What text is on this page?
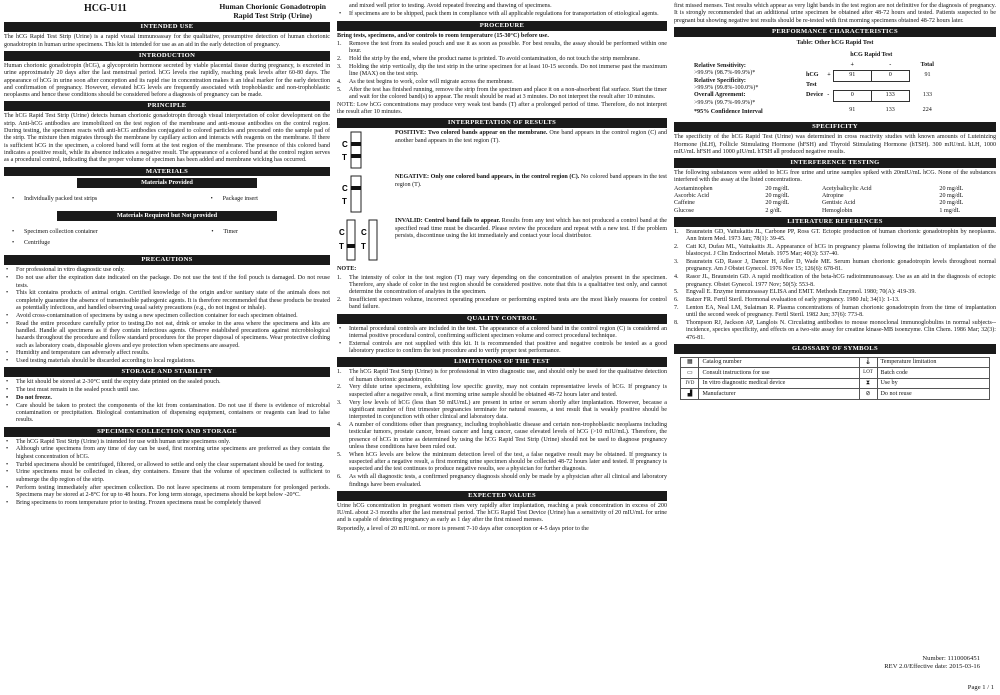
HCG-U11	Human Chorionic Gonadotropin
Rapid Test Strip (Urine)
INTENDED USE

The hCG Rapid Test Strip (Urine) is a rapid visual immunoassay for the qualitative, presumptive detection of human chorionic gonadotropin in human urine specimens. This kit is intended for use as an aid in the early detection of pregnancy.

INTRODUCTION

Human chorionic gonadotropin (hCG), a glycoprotein hormone secreted by viable placental tissue during pregnancy, is excreted in urine approximately 20 days after the last menstrual period. hCG levels rise rapidly, reaching peak levels after 60-80 days. The appearance of hCG in urine soon after conception and its rapid rise in concentration makes it an ideal marker for the early detection and confirmation of pregnancy. However, elevated hCG levels are frequently associated with trophoblastic and non-trophoblastic neoplasms and hence these conditions should be considered before a diagnosis of pregnancy can be made.

PRINCIPLE

The hCG Rapid Test Strip (Urine) detects human chorionic gonadotropin through visual interpretation of color development on the strip. Anti-hCG antibodies are immobilized on the test region of the membrane and anti-mouse antibodies on the control region. During testing, the specimen reacts with anti-hCG antibodies conjugated to colored particles and precoated onto the sample pad of the strip. The mixture then migrates through the membrane by capillary action and interacts with reagents on the membrane. If there is sufficient hCG in the specimen, a colored band will form at the test region of the membrane. The presence of this colored band indicates a positive result, while its absence indicates a negative result. The appearance of a colored band at the control region serves as a procedural control, indicating that the proper volume of specimen has been added and membrane wicking has occurred.

MATERIALS
Materials Provided
• Individually packed test strips	• Package insert
Materials Required but Not provided
• Specimen collection container	• Timer
• Centrifuge
PRECAUTIONS
• For professional in vitro diagnostic use only.
• Do not use after the expiration date indicated on the package. Do not use the test if the foil pouch is damaged. Do not reuse tests.
• This kit contains products of animal origin. Certified knowledge of the origin and/or sanitary state of the animals does not completely guarantee the absence of transmissible pathogenic agents. It is therefore recommended that these products be treated as potentially infectious, and handled observing usual safety precautions (e.g., do not ingest or inhale).
• Avoid cross-contamination of specimens by using a new specimen collection container for each specimen obtained.
• Read the entire procedure carefully prior to testing.Do not eat, drink or smoke in the area where the specimens and kits are handled. Handle all specimens as if they contain infectious agents. Observe established precautions against microbiological hazards throughout the procedure and follow standard procedures for the proper disposal of specimens. Wear protective clothing such as laboratory coats, disposable gloves and eye protection when specimens are assayed.
• Humidity and temperature can adversely affect results.
• Used testing materials should be discarded according to local regulations.
STORAGE AND STABILITY
• The kit should be stored at 2-30°C until the expiry date printed on the sealed pouch.
• The test must remain in the sealed pouch until use.
• Do not freeze.
• Care should be taken to protect the components of the kit from contamination. Do not use if there is evidence of microbial contamination or precipitation. Biological contamination of dispensing equipment, containers or reagents can lead to false results.
SPECIMEN COLLECTION AND STORAGE
• The hCG Rapid Test Strip (Urine) is intended for use with human urine specimens only.
• Although urine specimens from any time of day can be used, first morning urine specimens are preferred as they contain the highest concentration of hCG.
• Turbid specimens should be centrifuged, filtered, or allowed to settle and only the clear supernatant should be used for testing.
• Urine specimens must be collected in clean, dry containers. Ensure that the volume of specimen collected is sufficient to submerge the dip region of the strip.
• Perform testing immediately after specimen collection. Do not leave specimens at room temperature for prolonged periods. Specimens may be stored at 2-8°C for up to 48 hours. For long term storage, specimens should be kept below -20°C.
• Bring specimens to room temperature prior to testing. Frozen specimens must be completely thawed

and mixed well prior to testing. Avoid repeated freezing and thawing of specimens.

• If specimens are to be shipped, pack them in compliance with all applicable regulations for transportation of etiological agents.
PROCEDURE

Bring tests, specimens, and/or controls to room temperature (15-30°C) before use.

1. Remove the test from its sealed pouch and use it as soon as possible. For best results, the assay should be performed within one hour.
2. Hold the strip by the end, where the product name is printed. To avoid contamination, do not touch the strip membrane.
3. Holding the strip vertically, dip the test strip in the urine specimen for at least 10-15 seconds. Do not immerse past the maximum line (MAX) on the test strip.
4. As the test begins to work, color will migrate across the membrane.
5. After the test has finished running, remove the strip from the specimen and place it on a non-absorbent flat surface. Start the timer and wait for the colored band(s) to appear. The result should be read at 3 minutes. Do not interpret the result after 10 minutes.

NOTE: Low hCG concentrations may produce very weak test bands (T) after a prolonged period of time. Therefore, do not interpret the result after 10 minutes.

INTERPRETATION OF RESULTS
C
T

POSITIVE: Two colored bands appear on the membrane. One band appears in the control region (C) and another band appears in the test region (T).

C
T

NEGATIVE: Only one colored band appears, in the control region (C). No colored band appears in the test region (T).

C
T
C
T

INVALID: Control band fails to appear. Results from any test which has not produced a control band at the specified read time must be discarded. Please review the procedure and repeat with a new test. If the problem persists, discontinue using the kit immediately and contact your local distributor.

NOTE:

1. The intensity of color in the test region (T) may vary depending on the concentration of analytes present in the specimen. Therefore, any shade of color in the test region should be considered positive. note that this is a qualitative test only, and cannot determine the concentration of analytes in the specimen.
2. Insufficient specimen volume, incorrect operating procedure or performing expired tests are the most likely reasons for control band failure.
QUALITY CONTROL
• Internal procedural controls are included in the test. The appearance of a colored band in the control region (C) is considered an internal positive procedural control, confirming sufficient specimen volume and correct procedural technique.
• External controls are not supplied with this kit. It is recommended that positive and negative controls be tested as a good laboratory practice to confirm the test procedure and to verify proper test performance.
LIMITATIONS OF THE TEST
1. The hCG Rapid Test Strip (Urine) is for professional in vitro diagnostic use, and should only be used for the qualitative detection of human chorionic gonadotropin.
2. Very dilute urine specimens, exhibiting low specific gravity, may not contain representative levels of hCG. If pregnancy is suspected after a negative result, a first morning urine sample should be obtained 48-72 hours later and tested.
3. Very low levels of hCG (less than 50 mIU/mL) are present in urine or serum shortly after implantation. However, because a significant number of first trimester pregnancies terminate for natural reasons, a test result that is weakly positive should be interpreted in conjunction with other clinical and laboratory data.
4. A number of conditions other than pregnancy, including trophoblastic disease and certain non-trophoblastic neoplasms including testicular tumors, prostate cancer, breast cancer and lung cancer, cause elevated levels of hCG (>10 mIU/mL). Therefore, the presence of hCG in urine as determined by using the hCG Rapid Test Strip (Urine) should not be used to diagnose pregnancy unless these conditions have been ruled out.
5. When hCG levels are below the minimum detection level of the test, a false negative result may be obtained. If pregnancy is suspected after a negative result, a first morning urine specimen should be collected 48-72 hours later and tested. If pregnancy is suspected and the test continues to produce negative results, see a physician for further diagnosis.
6. As with all diagnostic tests, a confirmed pregnancy diagnosis should only be made by a physician after all clinical and laboratory findings have been evaluated.
EXPECTED VALUES

Urine hCG concentration in pregnant women rises very rapidly after implantation, reaching a peak concentration in excess of 200 IU/mL about 2-3 months after the last menstrual period. The hCG Rapid Test Device (Urine) has a sensitivity of 20 mIU/mL for urine and is capable of detecting pregnancy as early as 1 day after the first missed menses.

Reportedly, a level of 20 mIU/mL or more is present 7-10 days after conception or 4-5 days prior to the

first missed menses. Test results which appear as very light bands in the test region are not definitive for the diagnosis of pregnancy. It is strongly recommended that an additional urine specimen be obtained after 48-72 hours and tested. Patients suspected to be pregnant but showing negative test results should be re-tested with first morning specimens obtained 48-72 hours later.

PERFORMANCE CHARACTERISTICS

Table: Other hCG Rapid Test

Relative Sensitivity:
>99.9% (98.7%-99.9%)*
Relative Specificity:
>99.9% (99.8%-100.0%)*
Overall Agreement:
>99.9% (99.7%-99.9%)*
*95% Confidence Interval
		hCG Rapid Test		
		+	-	Total
hCG	+	91	0	91
Test				
Device	-	0	133	133
		91	133	224
SPECIFICITY

The specificity of the hCG Rapid Test (Urine) was determined in cross reactivity studies with known amounts of Luteinizing Hormone (hLH), Follicle Stimulating Hormone (hFSH) and Thyroid Stimulating Hormone (hTSH). 300 mIU/mL hLH, 1000 mIU/mL hFSH and 1000 μIU/mL hTSH all produced negative results.

INTERFERENCE TESTING

The following substances were added to hCG free urine and urine samples spiked with 20mIU/mL hCG. None of the substances interfered with the assay at the listed concentrations.

Acetaminophen	20 mg/dL	Acetylsalicylic Acid	20 mg/dL
Ascorbic Acid	20 mg/dL	Atropine	20 mg/dL
Caffeine	20 mg/dL	Gentisic Acid	20 mg/dL
Glucose	2 g/dL	Hemoglobin	1 mg/dL
LITERATURE REFERENCES
1. Braunstein GD, Vaitukaitis JL, Carbone PP, Ross GT. Ectopic production of human chorionic gonadotrophin by neoplasms. Ann Intern Med. 1973 Jan; 78(1): 39-45.
2. Catt KJ, Dufau ML, Vaitukaitis JL. Appearance of hCG in pregnancy plasma following the initiation of implantation of the blastocyst. J Clin Endocrinol Metab. 1975 Mar; 40(3): 537-40.
3. Braunstein GD, Rasor J, Danzer H, Adler D, Wade ME. Serum human chorionic gonadotropin levels throughout normal pregnancy. Am J Obstet Gynecol. 1976 Nov 15; 126(6): 678-81.
4. Rasor JL, Braunstein GD. A rapid modification of the beta-hCG radioimmunoassay. Use as an aid in the diagnosis of ectopic pregnancy. Obstet Gynecol. 1977 Nov; 50(5): 553-8.
5. Engvall E. Enzyme immunoassay ELISA and EMIT. Methods Enzymol. 1980; 70(A): 419-39.
6. Batzer FR. Fertil Steril. Hormonal evaluation of early pregnancy. 1980 Jul; 34(1): 1-13.
7. Lenton EA, Neal LM, Sulaiman R. Plasma concentrations of human chorionic gonadotropin from the time of implantation until the second week of pregnancy. Fertil Steril. 1982 Jun; 37(6): 773-8.
8. Thompson RJ, Jackson AP, Langlois N. Circulating antibodies to mouse monoclonal immunoglobulins in normal subjects--incidence, species specificity, and effects on a two-site assay for creatine kinase-MB isoenzyme. Clin Chem. 1986 Mar; 32(3): 476-81.
GLOSSARY OF SYMBOLS
▦	Catalog number	🌡	Temperature limitation
▭	Consult instructions for use	LOT	Batch code
IVD	In vitro diagnostic medical device	⧗	Use by
▟	Manufacturer	⊘	Do not reuse
Number: 1110006451
REV 2.0/Effective date: 2015-03-16
Page 1 / 1
